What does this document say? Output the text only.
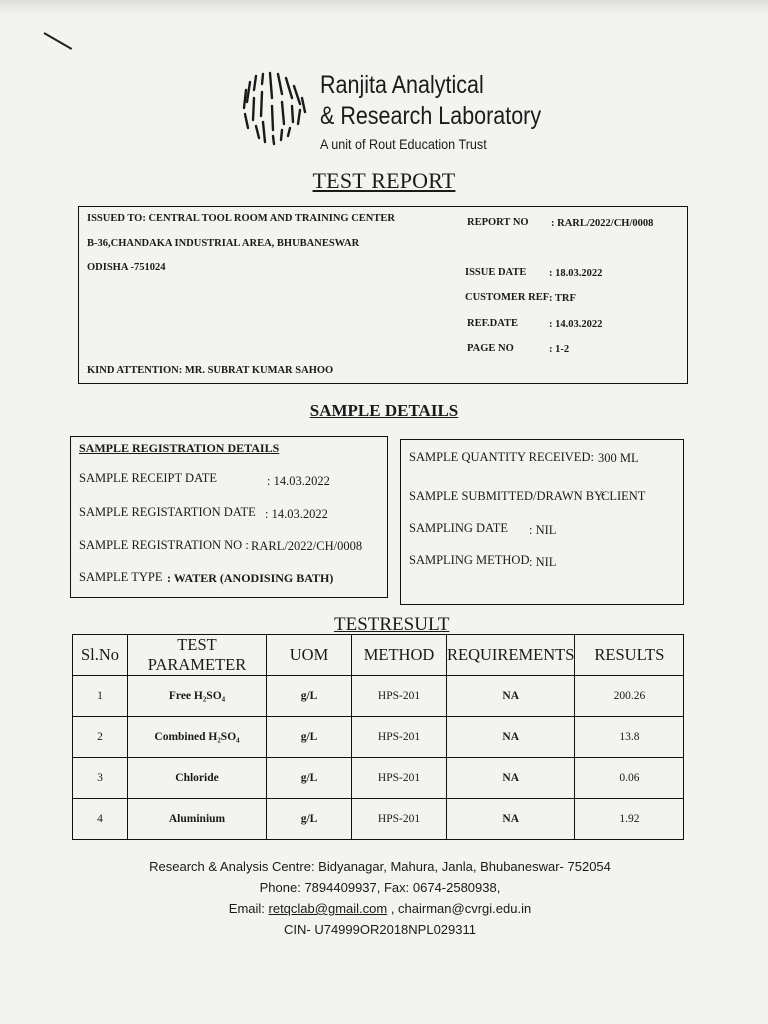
Ranjita Analytical
& Research Laboratory
A unit of Rout Education Trust
TEST REPORT
ISSUED TO: CENTRAL TOOL ROOM AND TRAINING CENTER
B-36,CHANDAKA INDUSTRIAL AREA, BHUBANESWAR
ODISHA -751024
KIND ATTENTION: MR. SUBRAT KUMAR SAHOO
REPORT NO : RARL/2022/CH/0008
ISSUE DATE : 18.03.2022
CUSTOMER REF : TRF
REF.DATE	: 14.03.2022
PAGE NO	: 1-2
SAMPLE DETAILS
SAMPLE REGISTRATION DETAILS
SAMPLE RECEIPT DATE	: 14.03.2022
SAMPLE REGISTARTION DATE : 14.03.2022
SAMPLE REGISTRATION NO : RARL/2022/CH/0008
SAMPLE TYPE : WATER (ANODISING BATH)
SAMPLE QUANTITY RECEIVED: 300 ML
SAMPLE SUBMITTED/DRAWN BY:
CLIENT
SAMPLING DATE : NIL
SAMPLING METHOD : NIL
TESTRESULT
Sl.No	TEST PARAMETER	UOM	METHOD	REQUIREMENTS	RESULTS
1	Free H₂SO₄	g/L	HPS-201	NA	200.26
2	Combined H₂SO₄	g/L	HPS-201	NA	13.8
3	Chloride	g/L	HPS-201	NA	0.06
4	Aluminium	g/L	HPS-201	NA	1.92
Research & Analysis Centre: Bidyanagar, Mahura, Janla, Bhubaneswar- 752054
Phone: 7894409937, Fax: 0674-2580938,
Email: retqclab@gmail.com , chairman@cvrgi.edu.in
CIN- U74999OR2018NPL029311
